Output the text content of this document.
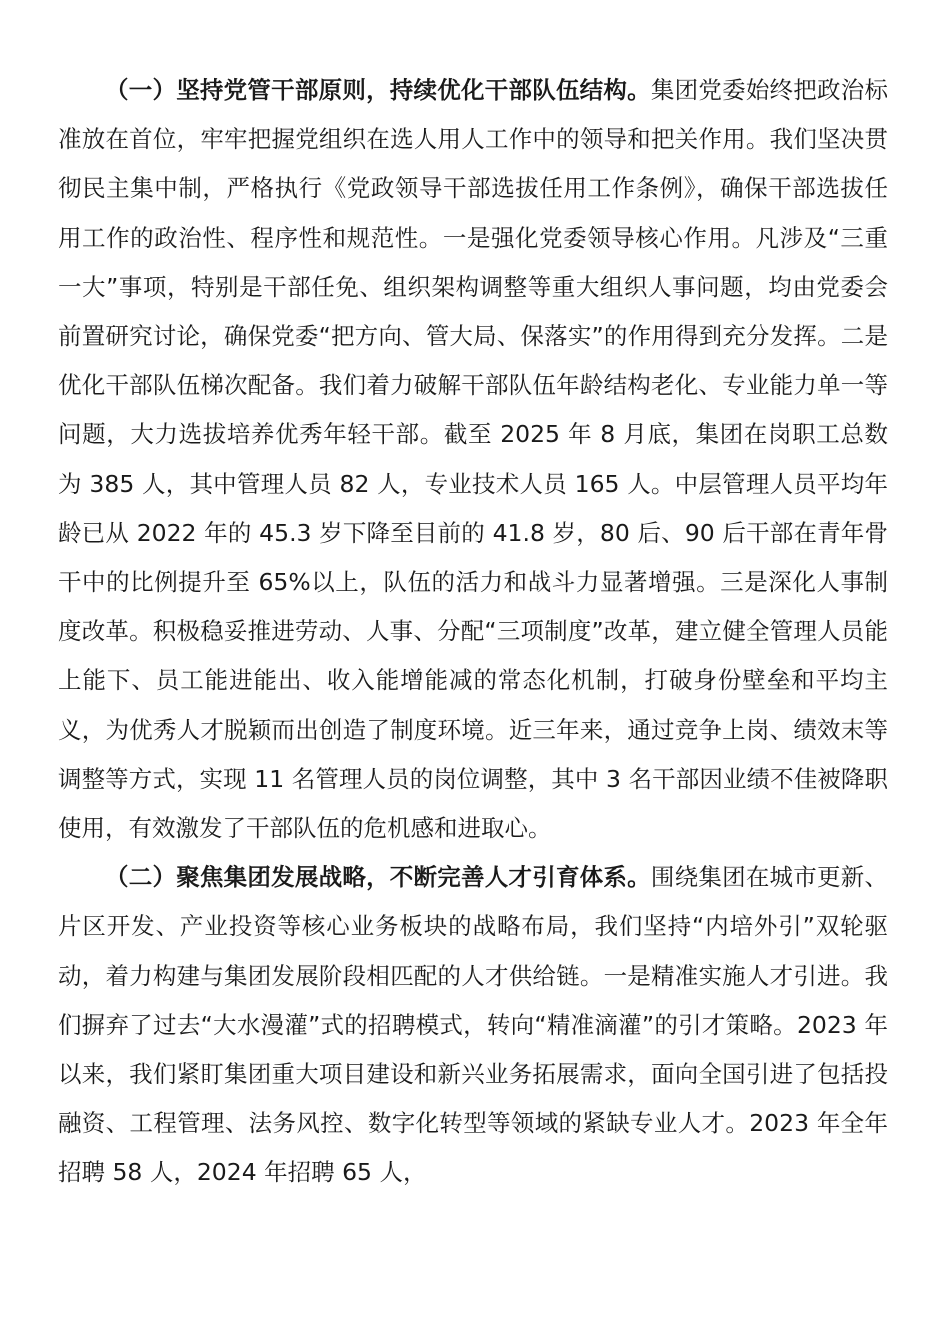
（一）坚持党管干部原则，持续优化干部队伍结构。集团党委始终把政治标准放在首位，牢牢把握党组织在选人用人工作中的领导和把关作用。我们坚决贯彻民主集中制，严格执行《党政领导干部选拔任用工作条例》，确保干部选拔任用工作的政治性、程序性和规范性。一是强化党委领导核心作用。凡涉及“三重一大”事项，特别是干部任免、组织架构调整等重大组织人事问题，均由党委会前置研究讨论，确保党委“把方向、管大局、保落实”的作用得到充分发挥。二是优化干部队伍梯次配备。我们着力破解干部队伍年龄结构老化、专业能力单一等问题，大力选拔培养优秀年轻干部。截至 2025 年 8 月底，集团在岗职工总数为 385 人，其中管理人员 82 人，专业技术人员 165 人。中层管理人员平均年龄已从 2022 年的 45.3 岁下降至目前的 41.8 岁，80 后、90 后干部在青年骨干中的比例提升至 65%以上，队伍的活力和战斗力显著增强。三是深化人事制度改革。积极稳妥推进劳动、人事、分配“三项制度”改革，建立健全管理人员能上能下、员工能进能出、收入能增能减的常态化机制，打破身份壁垒和平均主义，为优秀人才脱颖而出创造了制度环境。近三年来，通过竞争上岗、绩效末等调整等方式，实现 11 名管理人员的岗位调整，其中 3 名干部因业绩不佳被降职使用，有效激发了干部队伍的危机感和进取心。

（二）聚焦集团发展战略，不断完善人才引育体系。围绕集团在城市更新、片区开发、产业投资等核心业务板块的战略布局，我们坚持“内培外引”双轮驱动，着力构建与集团发展阶段相匹配的人才供给链。一是精准实施人才引进。我们摒弃了过去“大水漫灌”式的招聘模式，转向“精准滴灌”的引才策略。2023 年以来，我们紧盯集团重大项目建设和新兴业务拓展需求，面向全国引进了包括投融资、工程管理、法务风控、数字化转型等领域的紧缺专业人才。2023 年全年招聘 58 人，2024 年招聘 65 人，
